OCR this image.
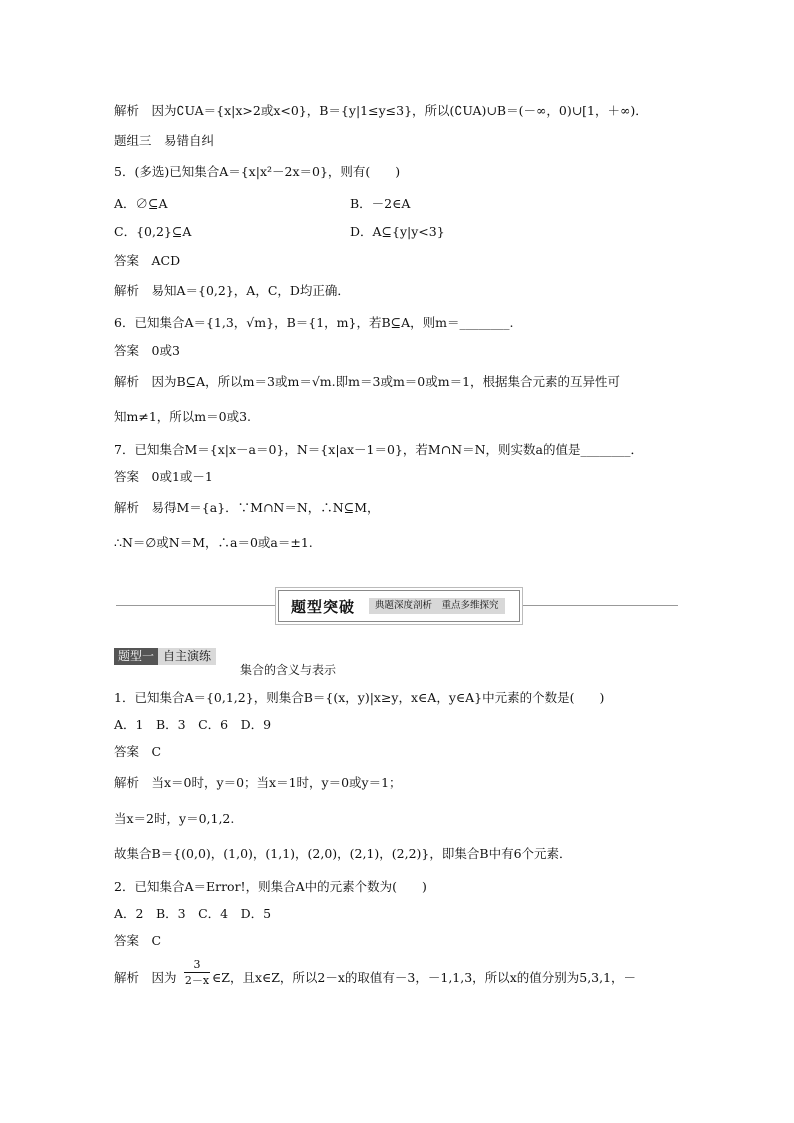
解析　因为∁UA＝{x|x>2或x<0}，B＝{y|1≤y≤3}，所以(∁UA)∪B＝(－∞，0)∪[1，＋∞)．
题组三　易错自纠
5．(多选)已知集合A＝{x|x²－2x＝0}，则有(　　)
A．∅⊆A	B．－2∈A
C．{0,2}⊆A	D．A⊆{y|y<3}
答案　ACD
解析　易知A＝{0,2}，A，C，D均正确．
6．已知集合A＝{1,3，√m}，B＝{1，m}，若B⊆A，则m＝________.
答案　0或3
解析　因为B⊆A，所以m＝3或m＝√m.即m＝3或m＝0或m＝1，根据集合元素的互异性可
知m≠1，所以m＝0或3.
7．已知集合M＝{x|x－a＝0}，N＝{x|ax－1＝0}，若M∩N＝N，则实数a的值是________．
答案　0或1或－1
解析　易得M＝{a}．∵M∩N＝N，∴N⊆M，
∴N＝∅或N＝M，∴a＝0或a＝±1.
题型突破	典题深度剖析　重点多维探究
题型一 自主演练
集合的含义与表示
1．已知集合A＝{0,1,2}，则集合B＝{(x，y)|x≥y，x∈A，y∈A}中元素的个数是(　　)
A．1　B．3　C．6　D．9
答案　C
解析　当x＝0时，y＝0；当x＝1时，y＝0或y＝1；
当x＝2时，y＝0,1,2.
故集合B＝{(0,0)，(1,0)，(1,1)，(2,0)，(2,1)，(2,2)}，即集合B中有6个元素．
2．已知集合A＝Error!，则集合A中的元素个数为(　　)
A．2　B．3　C．4　D．5
答案　C
解析　因为
3
2－x ∈Z，且x∈Z，所以2－x的取值有－3，－1,1,3，所以x的值分别为5,3,1，－
